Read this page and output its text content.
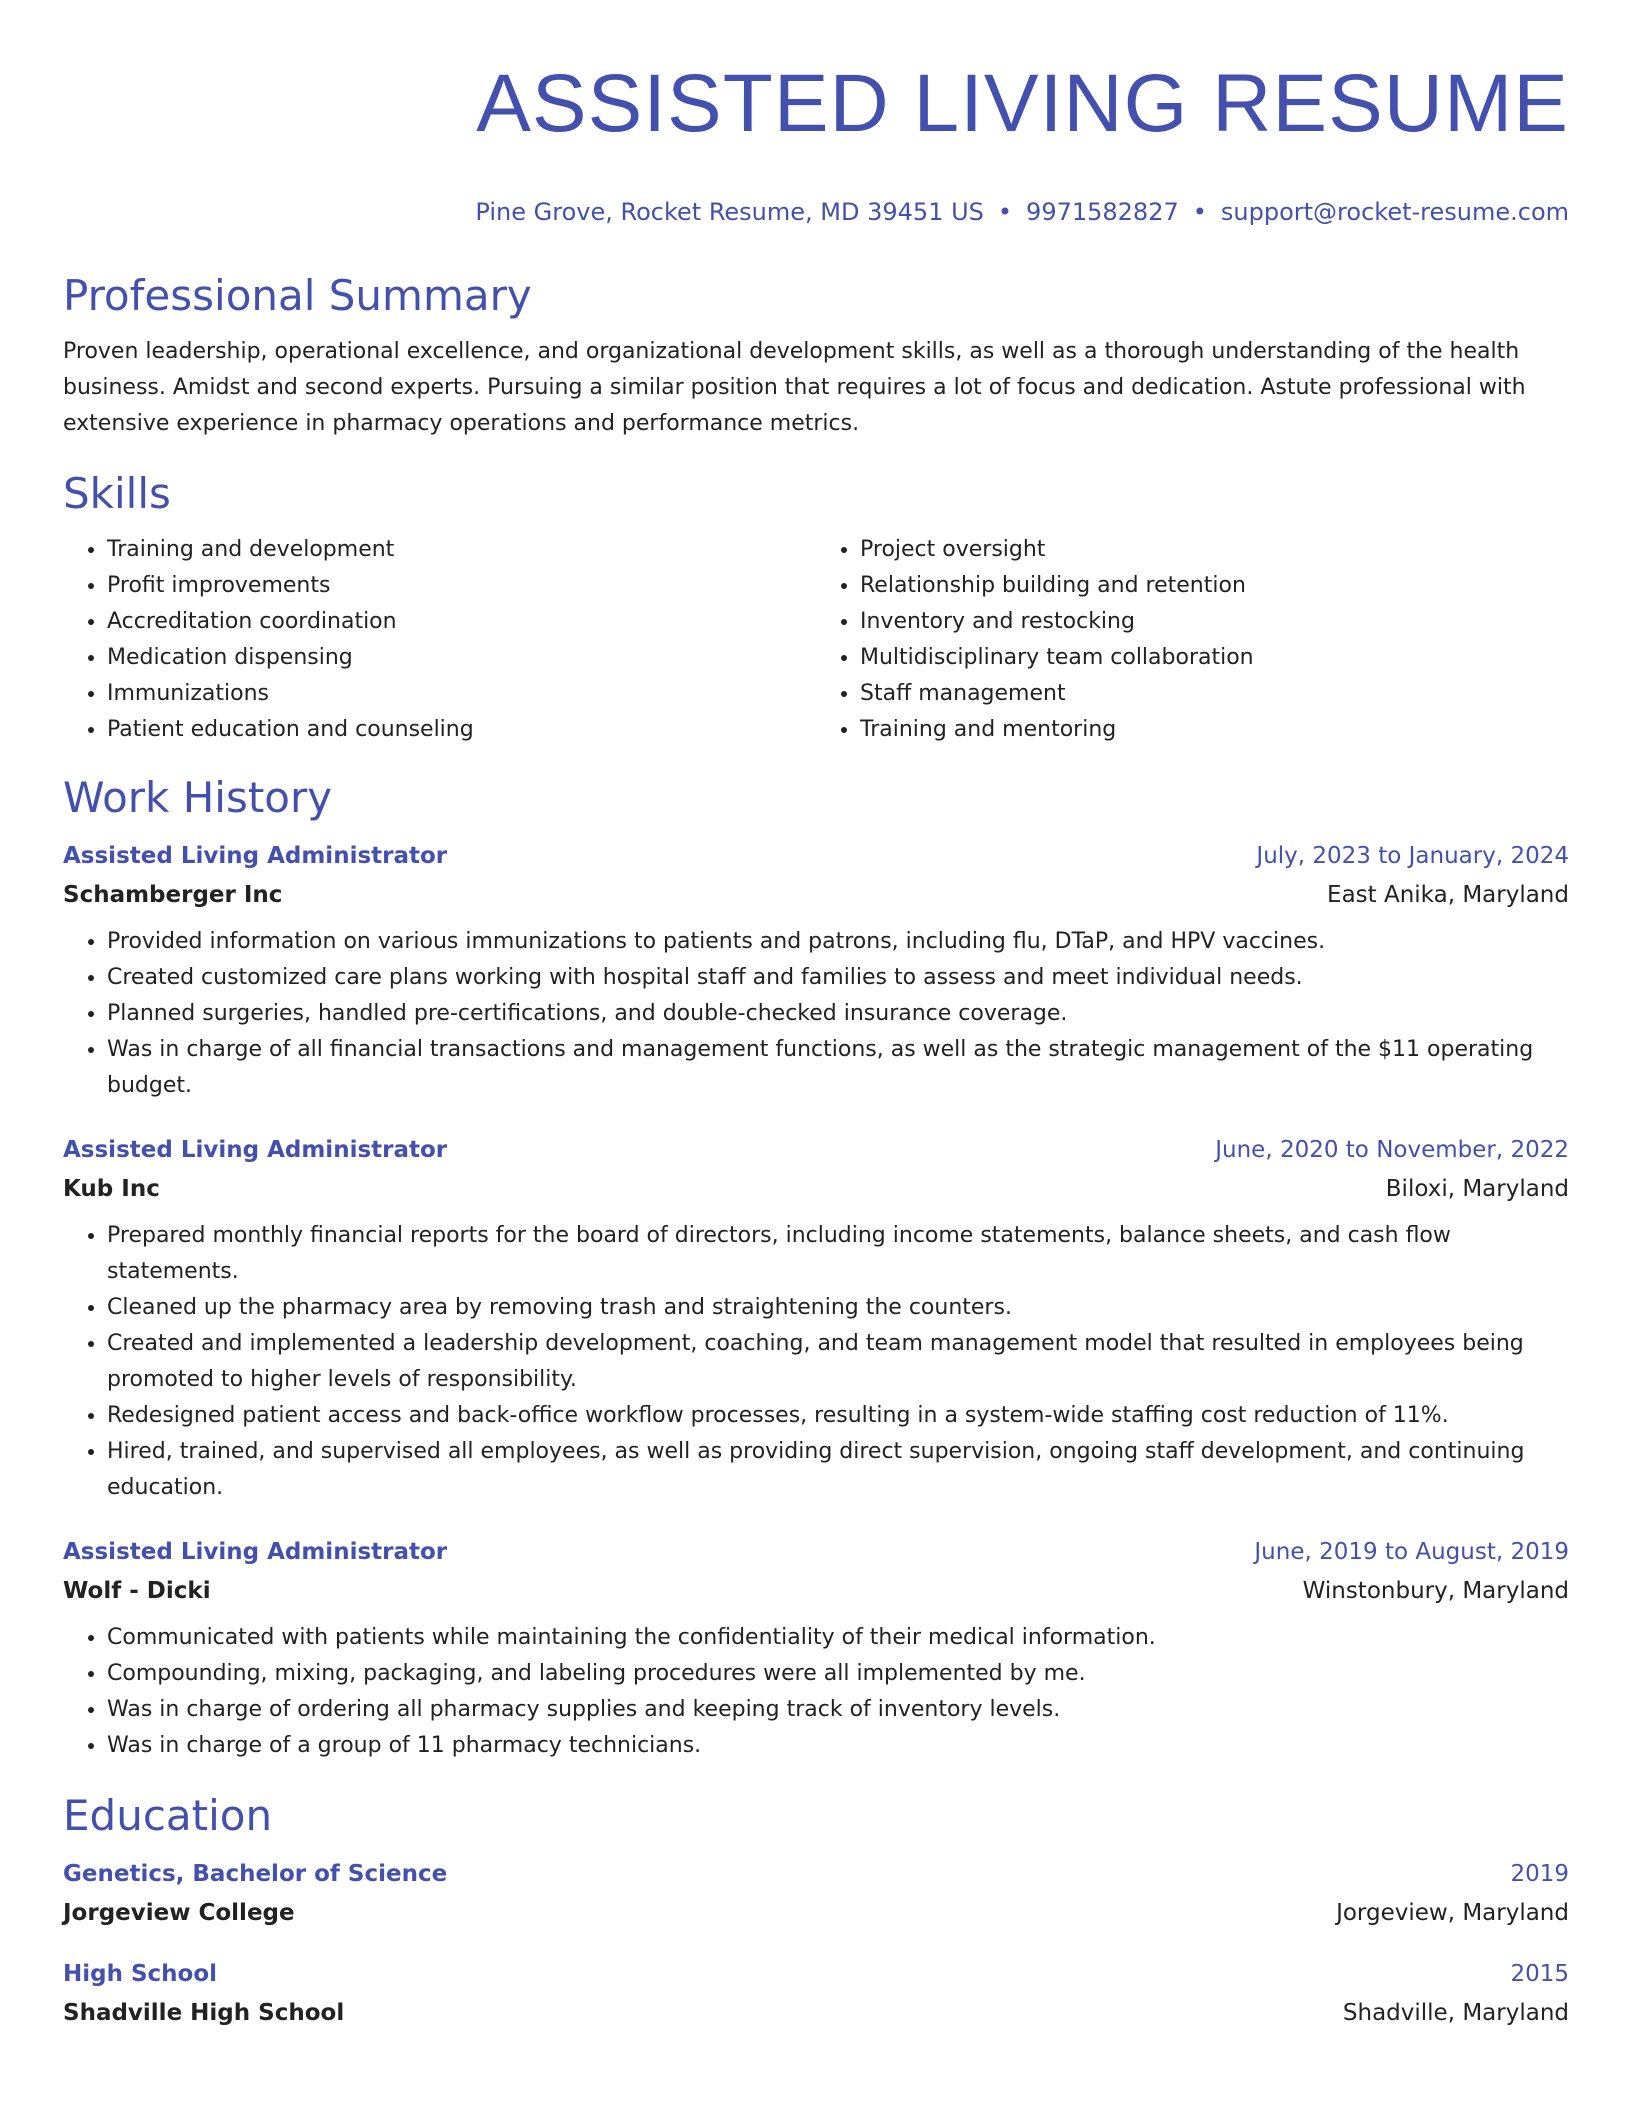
ASSISTED LIVING RESUME
Pine Grove, Rocket Resume, MD 39451 US • 9971582827 • support@rocket-resume.com
Professional Summary

Proven leadership, operational excellence, and organizational development skills, as well as a thorough understanding of the health business. Amidst and second experts. Pursuing a similar position that requires a lot of focus and dedication. Astute professional with extensive experience in pharmacy operations and performance metrics.

Skills
• Training and development
• Profit improvements
• Accreditation coordination
• Medication dispensing
• Immunizations
• Patient education and counseling
• Project oversight
• Relationship building and retention
• Inventory and restocking
• Multidisciplinary team collaboration
• Staff management
• Training and mentoring
Work History
Assisted Living Administrator	July, 2023 to January, 2024
Schamberger Inc	East Anika, Maryland
• Provided information on various immunizations to patients and patrons, including flu, DTaP, and HPV vaccines.
• Created customized care plans working with hospital staff and families to assess and meet individual needs.
• Planned surgeries, handled pre-certifications, and double-checked insurance coverage.
• Was in charge of all financial transactions and management functions, as well as the strategic management of the $11 operating budget.
Assisted Living Administrator	June, 2020 to November, 2022
Kub Inc	Biloxi, Maryland
• Prepared monthly financial reports for the board of directors, including income statements, balance sheets, and cash flow statements.
• Cleaned up the pharmacy area by removing trash and straightening the counters.
• Created and implemented a leadership development, coaching, and team management model that resulted in employees being promoted to higher levels of responsibility.
• Redesigned patient access and back-office workflow processes, resulting in a system-wide staffing cost reduction of 11%.
• Hired, trained, and supervised all employees, as well as providing direct supervision, ongoing staff development, and continuing education.
Assisted Living Administrator	June, 2019 to August, 2019
Wolf - Dicki	Winstonbury, Maryland
• Communicated with patients while maintaining the confidentiality of their medical information.
• Compounding, mixing, packaging, and labeling procedures were all implemented by me.
• Was in charge of ordering all pharmacy supplies and keeping track of inventory levels.
• Was in charge of a group of 11 pharmacy technicians.
Education
Genetics, Bachelor of Science	2019
Jorgeview College	Jorgeview, Maryland
High School	2015
Shadville High School	Shadville, Maryland
